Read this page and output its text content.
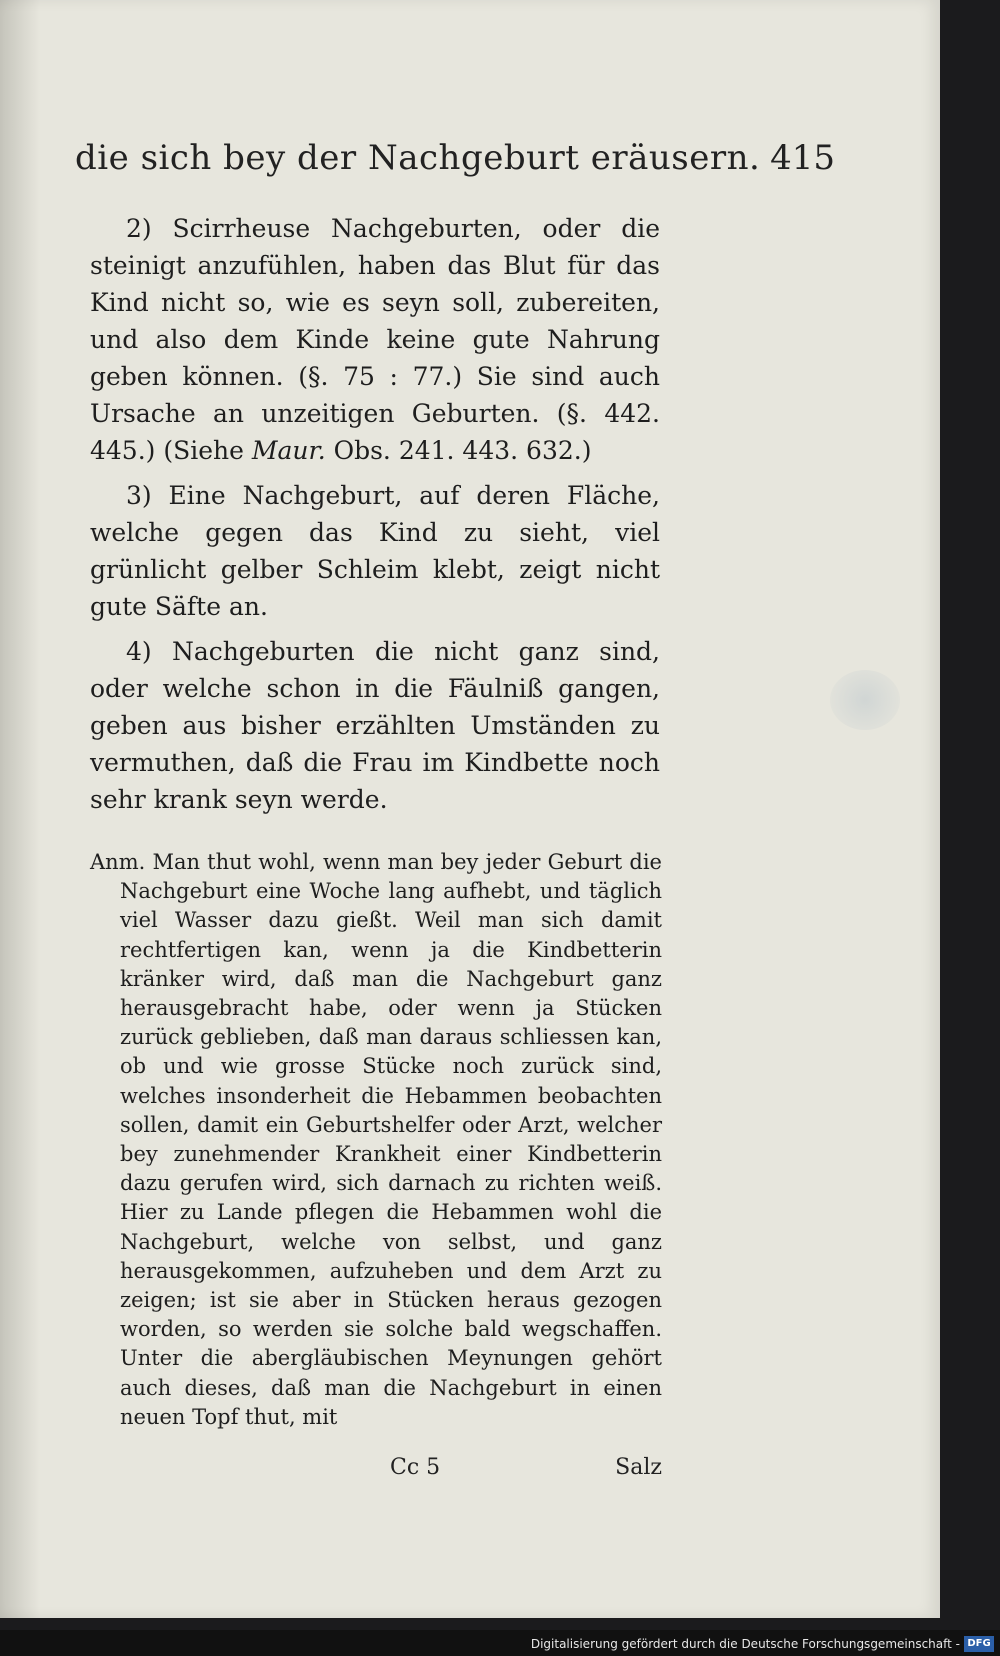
die sich bey der Nachgeburt eräusern. 415

2) Scirrheuse Nachgeburten, oder die steinigt anzufühlen, haben das Blut für das Kind nicht so, wie es seyn soll, zubereiten, und also dem Kinde keine gute Nahrung geben können. (§. 75 : 77.) Sie sind auch Ursache an unzeitigen Geburten. (§. 442. 445.) (Siehe Maur. Obs. 241. 443. 632.)

3) Eine Nachgeburt, auf deren Fläche, welche gegen das Kind zu sieht, viel grünlicht gelber Schleim klebt, zeigt nicht gute Säfte an.

4) Nachgeburten die nicht ganz sind, oder welche schon in die Fäulniß gangen, geben aus bisher erzählten Umständen zu vermuthen, daß die Frau im Kindbette noch sehr krank seyn werde.

Anm. Man thut wohl, wenn man bey jeder Geburt die Nachgeburt eine Woche lang aufhebt, und täglich viel Wasser dazu gießt. Weil man sich damit rechtfertigen kan, wenn ja die Kindbetterin kränker wird, daß man die Nachgeburt ganz herausgebracht habe, oder wenn ja Stücken zurück geblieben, daß man daraus schliessen kan, ob und wie grosse Stücke noch zurück sind, welches insonderheit die Hebammen beobachten sollen, damit ein Geburtshelfer oder Arzt, welcher bey zunehmender Krankheit einer Kindbetterin dazu gerufen wird, sich darnach zu richten weiß. Hier zu Lande pflegen die Hebammen wohl die Nachgeburt, welche von selbst, und ganz herausgekommen, aufzuheben und dem Arzt zu zeigen; ist sie aber in Stücken heraus gezogen worden, so werden sie solche bald wegschaffen. Unter die abergläubischen Meynungen gehört auch dieses, daß man die Nachgeburt in einen neuen Topf thut, mit

Cc 5	Salz
Digitalisierung gefördert durch die Deutsche Forschungsgemeinschaft - DFG
